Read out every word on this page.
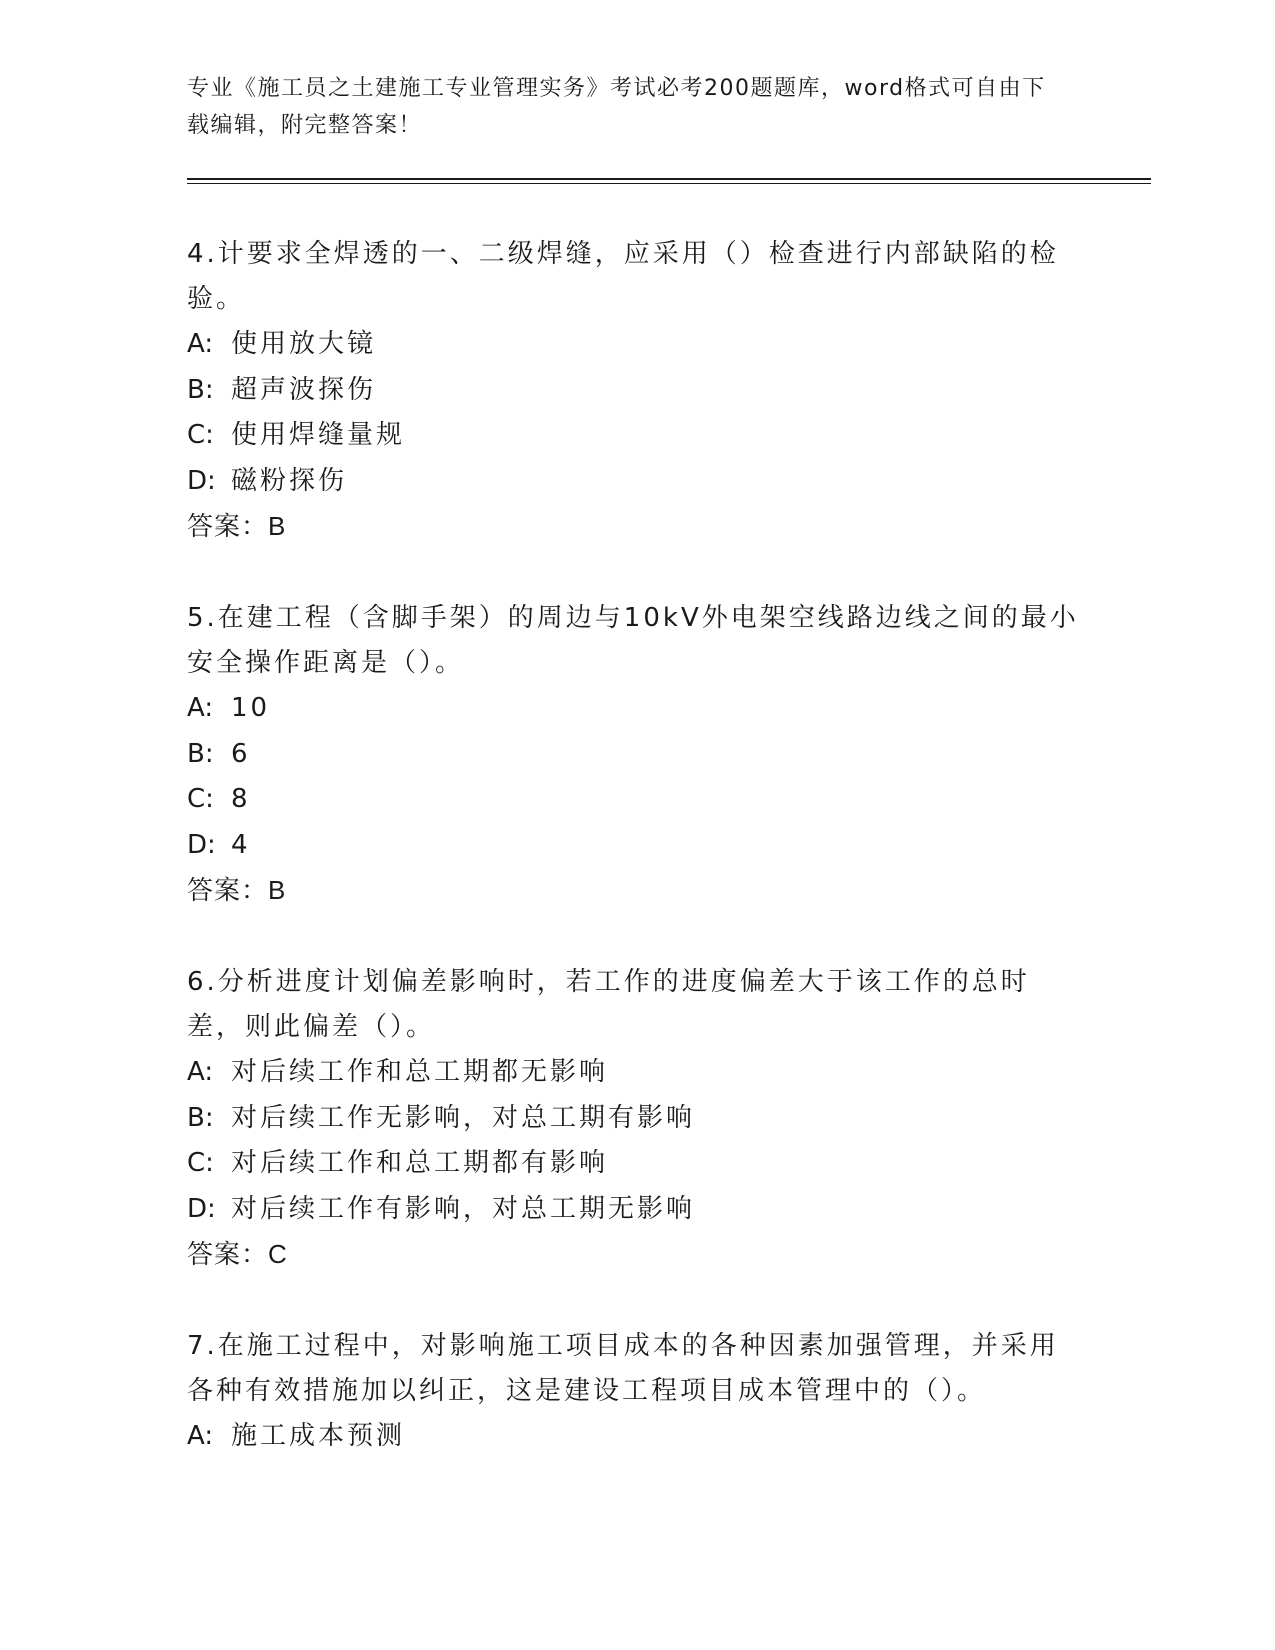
专业《施工员之土建施工专业管理实务》考试必考200题题库，word格式可自由下载编辑，附完整答案！

4.计要求全焊透的一、二级焊缝，应采用（）检查进行内部缺陷的检验。

A: 使用放大镜

B: 超声波探伤

C: 使用焊缝量规

D: 磁粉探伤

答案：B

5.在建工程（含脚手架）的周边与10kV外电架空线路边线之间的最小安全操作距离是（）。

A: 10

B: 6

C: 8

D: 4

答案：B

6.分析进度计划偏差影响时，若工作的进度偏差大于该工作的总时差，则此偏差（）。

A: 对后续工作和总工期都无影响

B: 对后续工作无影响，对总工期有影响

C: 对后续工作和总工期都有影响

D: 对后续工作有影响，对总工期无影响

答案：C

7.在施工过程中，对影响施工项目成本的各种因素加强管理，并采用各种有效措施加以纠正，这是建设工程项目成本管理中的（）。

A: 施工成本预测
